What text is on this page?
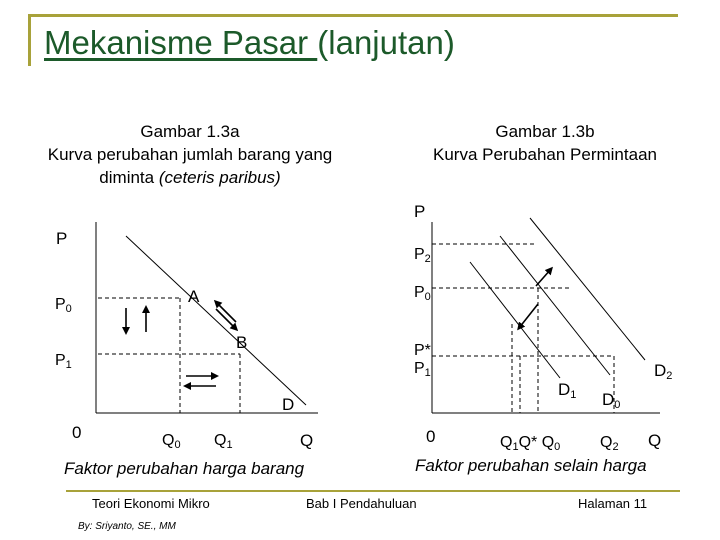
Mekanisme Pasar (lanjutan)
Gambar 1.3a
Kurva perubahan jumlah barang yang
diminta (ceteris paribus)
Gambar 1.3b
Kurva Perubahan Permintaan
P
$P_0$
$P_1$
0
A
B
D
$Q_0$ $Q_1$	Q
Faktor perubahan harga barang
P
$P_2$
$P_0$
P*
$P_1$
0
$D_1$ $D_0$
$D_2$
$Q_1Q*$ $Q_0$ $Q_2$ Q
Faktor perubahan selain harga
Teori Ekonomi Mikro
By: Sriyanto, SE., MM
Bab I Pendahuluan	Halaman 11
